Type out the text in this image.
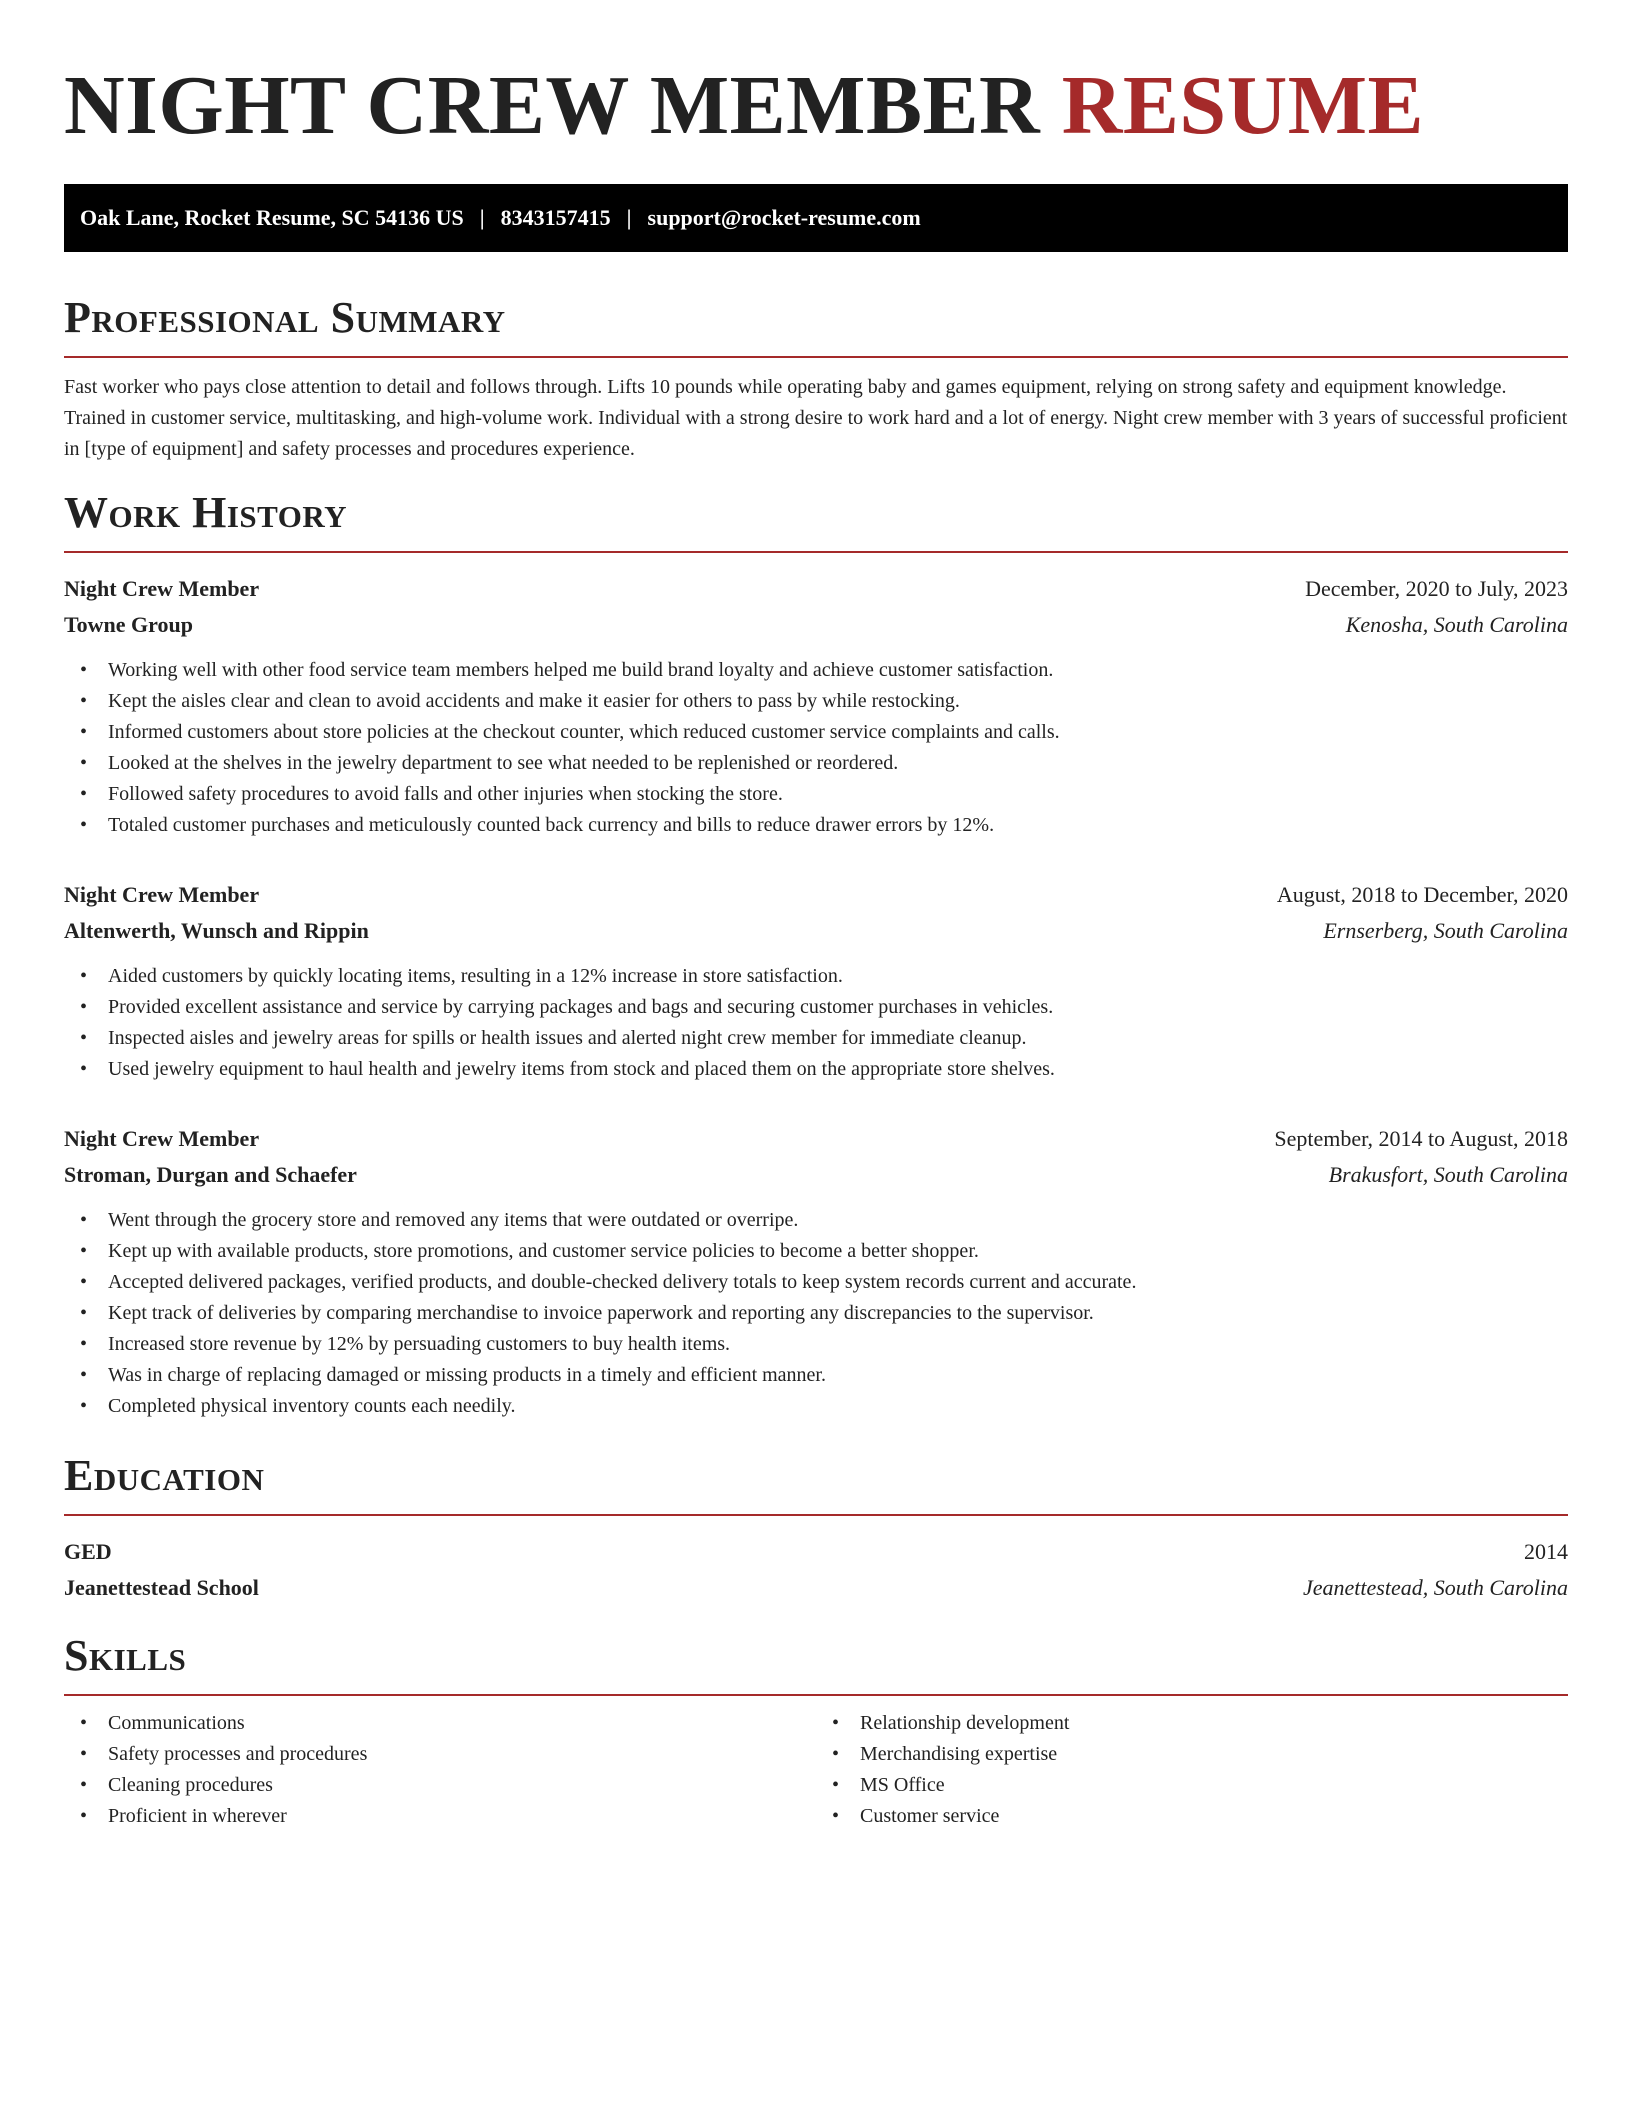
NIGHT CREW MEMBER RESUME
Oak Lane, Rocket Resume, SC 54136 US | 8343157415 | support@rocket-resume.com
Professional Summary

Fast worker who pays close attention to detail and follows through. Lifts 10 pounds while operating baby and games equipment, relying on strong safety and equipment knowledge. Trained in customer service, multitasking, and high-volume work. Individual with a strong desire to work hard and a lot of energy. Night crew member with 3 years of successful proficient in [type of equipment] and safety processes and procedures experience.

Work History
Night Crew Member	December, 2020 to July, 2023
Towne Group	Kenosha, South Carolina
• Working well with other food service team members helped me build brand loyalty and achieve customer satisfaction.
• Kept the aisles clear and clean to avoid accidents and make it easier for others to pass by while restocking.
• Informed customers about store policies at the checkout counter, which reduced customer service complaints and calls.
• Looked at the shelves in the jewelry department to see what needed to be replenished or reordered.
• Followed safety procedures to avoid falls and other injuries when stocking the store.
• Totaled customer purchases and meticulously counted back currency and bills to reduce drawer errors by 12%.
Night Crew Member	August, 2018 to December, 2020
Altenwerth, Wunsch and Rippin	Ernserberg, South Carolina
• Aided customers by quickly locating items, resulting in a 12% increase in store satisfaction.
• Provided excellent assistance and service by carrying packages and bags and securing customer purchases in vehicles.
• Inspected aisles and jewelry areas for spills or health issues and alerted night crew member for immediate cleanup.
• Used jewelry equipment to haul health and jewelry items from stock and placed them on the appropriate store shelves.
Night Crew Member	September, 2014 to August, 2018
Stroman, Durgan and Schaefer	Brakusfort, South Carolina
• Went through the grocery store and removed any items that were outdated or overripe.
• Kept up with available products, store promotions, and customer service policies to become a better shopper.
• Accepted delivered packages, verified products, and double-checked delivery totals to keep system records current and accurate.
• Kept track of deliveries by comparing merchandise to invoice paperwork and reporting any discrepancies to the supervisor.
• Increased store revenue by 12% by persuading customers to buy health items.
• Was in charge of replacing damaged or missing products in a timely and efficient manner.
• Completed physical inventory counts each needily.
Education
GED	2014
Jeanettestead School	Jeanettestead, South Carolina
Skills
• Communications
• Safety processes and procedures
• Cleaning procedures
• Proficient in wherever
• Relationship development
• Merchandising expertise
• MS Office
• Customer service
